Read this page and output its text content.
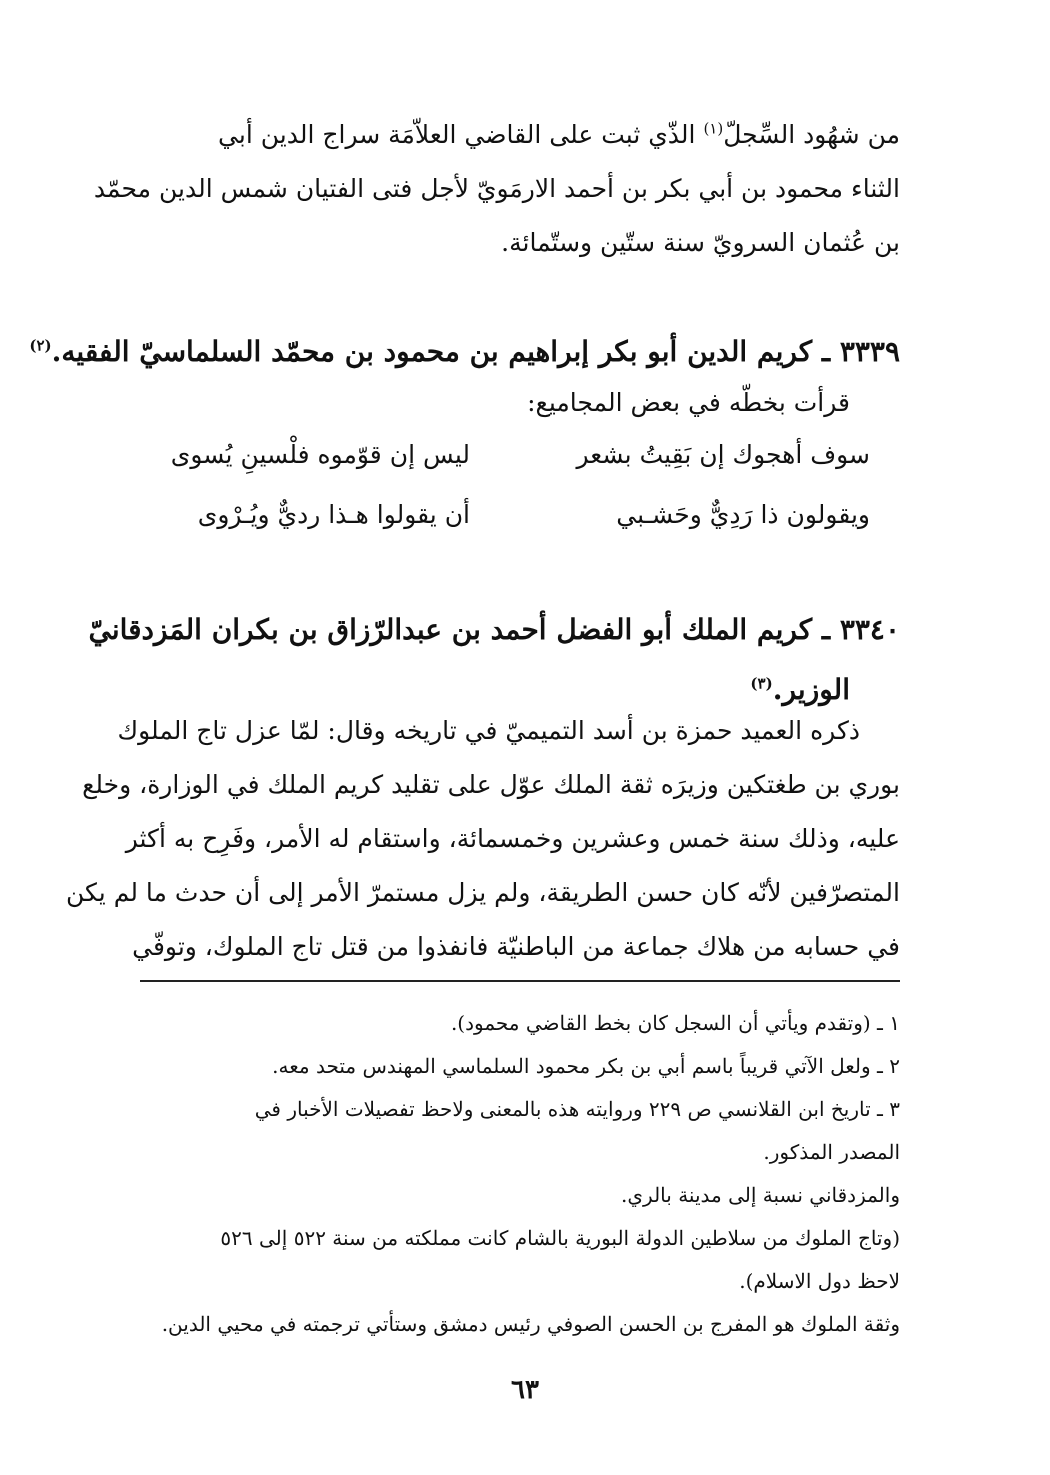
من شهُود السِّجلّ$^{(١)}$ الذّي ثبت على القاضي العلاّمَة سراج الدين أبي
الثناء محمود بن أبي بكر بن أحمد الارمَويّ لأجل فتى الفتيان شمس الدين محمّد
بن عُثمان السرويّ سنة ستّين وستّمائة.
٣٣٣٩ ـ كريم الدين أبو بكر إبراهيم بن محمود بن محمّد السلماسيّ الفقيه.$^{(٢)}$
قرأت بخطّه في بعض المجاميع:
سوف أهجوك إن بَقِيتُ بشعر
ليس إن قوّموه فلْسينِ يُسوى
ويقولون ذا رَدِيٌّ وحَشـبي
أن يقولوا هـذا رديٌّ ويُـرْوى
٣٣٤٠ ـ كريم الملك أبو الفضل أحمد بن عبدالرّزاق بن بكران المَزدقانيّ
الوزير.$^{(٣)}$
ذكره العميد حمزة بن أسد التميميّ في تاريخه وقال: لمّا عزل تاج الملوك
بوري بن طغتكين وزيرَه ثقة الملك عوّل على تقليد كريم الملك في الوزارة، وخلع
عليه، وذلك سنة خمس وعشرين وخمسمائة، واستقام له الأمر، وفَرِح به أكثر
المتصرّفين لأنّه كان حسن الطريقة، ولم يزل مستمرّ الأمر إلى أن حدث ما لم يكن
في حسابه من هلاك جماعة من الباطنيّة فانفذوا من قتل تاج الملوك، وتوفّي
١ ـ (وتقدم ويأتي أن السجل كان بخط القاضي محمود).
٢ ـ ولعل الآتي قريباً باسم أبي بن بكر محمود السلماسي المهندس متحد معه.
٣ ـ تاريخ ابن القلانسي ص ٢٢٩ وروايته هذه بالمعنى ولاحظ تفصيلات الأخبار في
المصدر المذكور.
والمزدقاني نسبة إلى مدينة بالري.
(وتاج الملوك من سلاطين الدولة البورية بالشام كانت مملكته من سنة ٥٢٢ إلى ٥٢٦
لاحظ دول الاسلام).
وثقة الملوك هو المفرج بن الحسن الصوفي رئيس دمشق وستأتي ترجمته في محيي الدين.
٦٣
